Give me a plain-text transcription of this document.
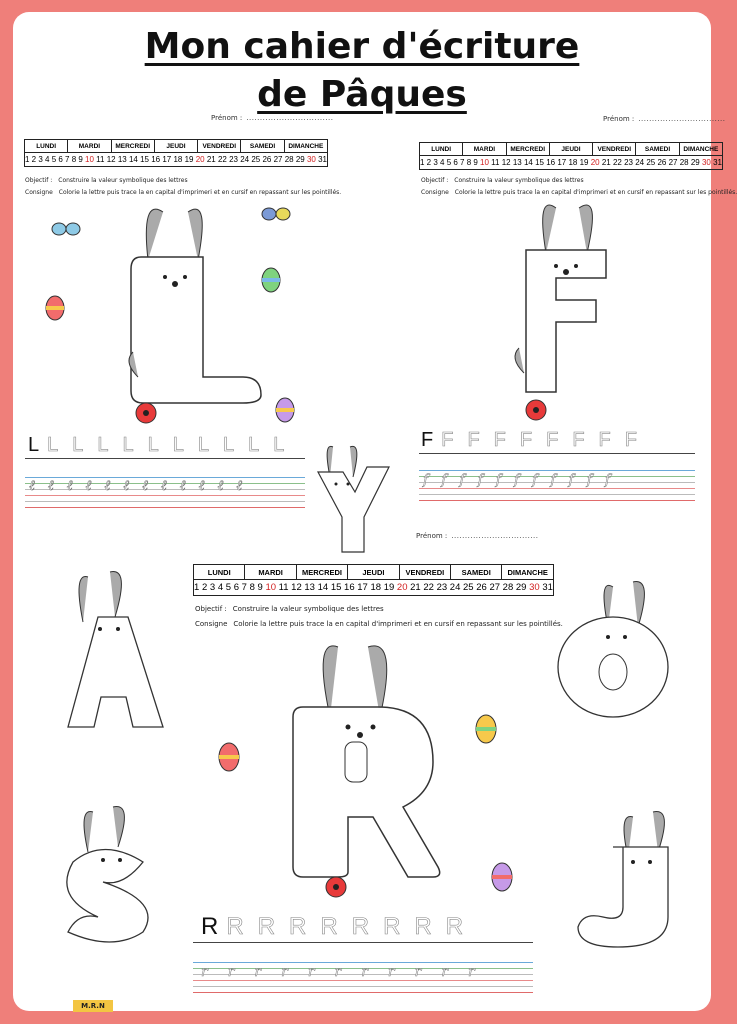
Mon cahier d'écriture
de Pâques
Prénom : ................................
LUNDI	MARDI	MERCREDI	JEUDI	VENDREDI	SAMEDI	DIMANCHE
1 2 3 4 5 6 7 8 9 10 11 12 13 14 15 16 17 18 19 20 21 22 23 24 25 26 27 28 29 30 31
Objectif : Construire la valeur symbolique des lettres
Consigne Colorie la lettre puis trace la en capital d'imprimeri et en cursif en repassant sur les pointillés.
L L L L L L L L L L L
ℓ ℓ ℓ ℓ ℓ ℓ ℓ ℓ ℓ ℓ ℓ ℓ
Prénom : ................................
LUNDI	MARDI	MERCREDI	JEUDI	VENDREDI	SAMEDI	DIMANCHE
1 2 3 4 5 6 7 8 9 10 11 12 13 14 15 16 17 18 19 20 21 22 23 24 25 26 27 28 29 30 31
Objectif : Construire la valeur symbolique des lettres
Consigne Colorie la lettre puis trace la en capital d'imprimeri et en cursif en repassant sur les pointillés.
F F F F F F F F F
f f f f f f f f f f f
Prénom : ................................
LUNDI	MARDI	MERCREDI	JEUDI	VENDREDI	SAMEDI	DIMANCHE
1 2 3 4 5 6 7 8 9 10 11 12 13 14 15 16 17 18 19 20 21 22 23 24 25 26 27 28 29 30 31
Objectif : Construire la valeur symbolique des lettres
Consigne Colorie la lettre puis trace la en capital d'imprimeri et en cursif en repassant sur les pointillés.
R R R R R R R R R
r r r r r r r r r r r
M.R.N
